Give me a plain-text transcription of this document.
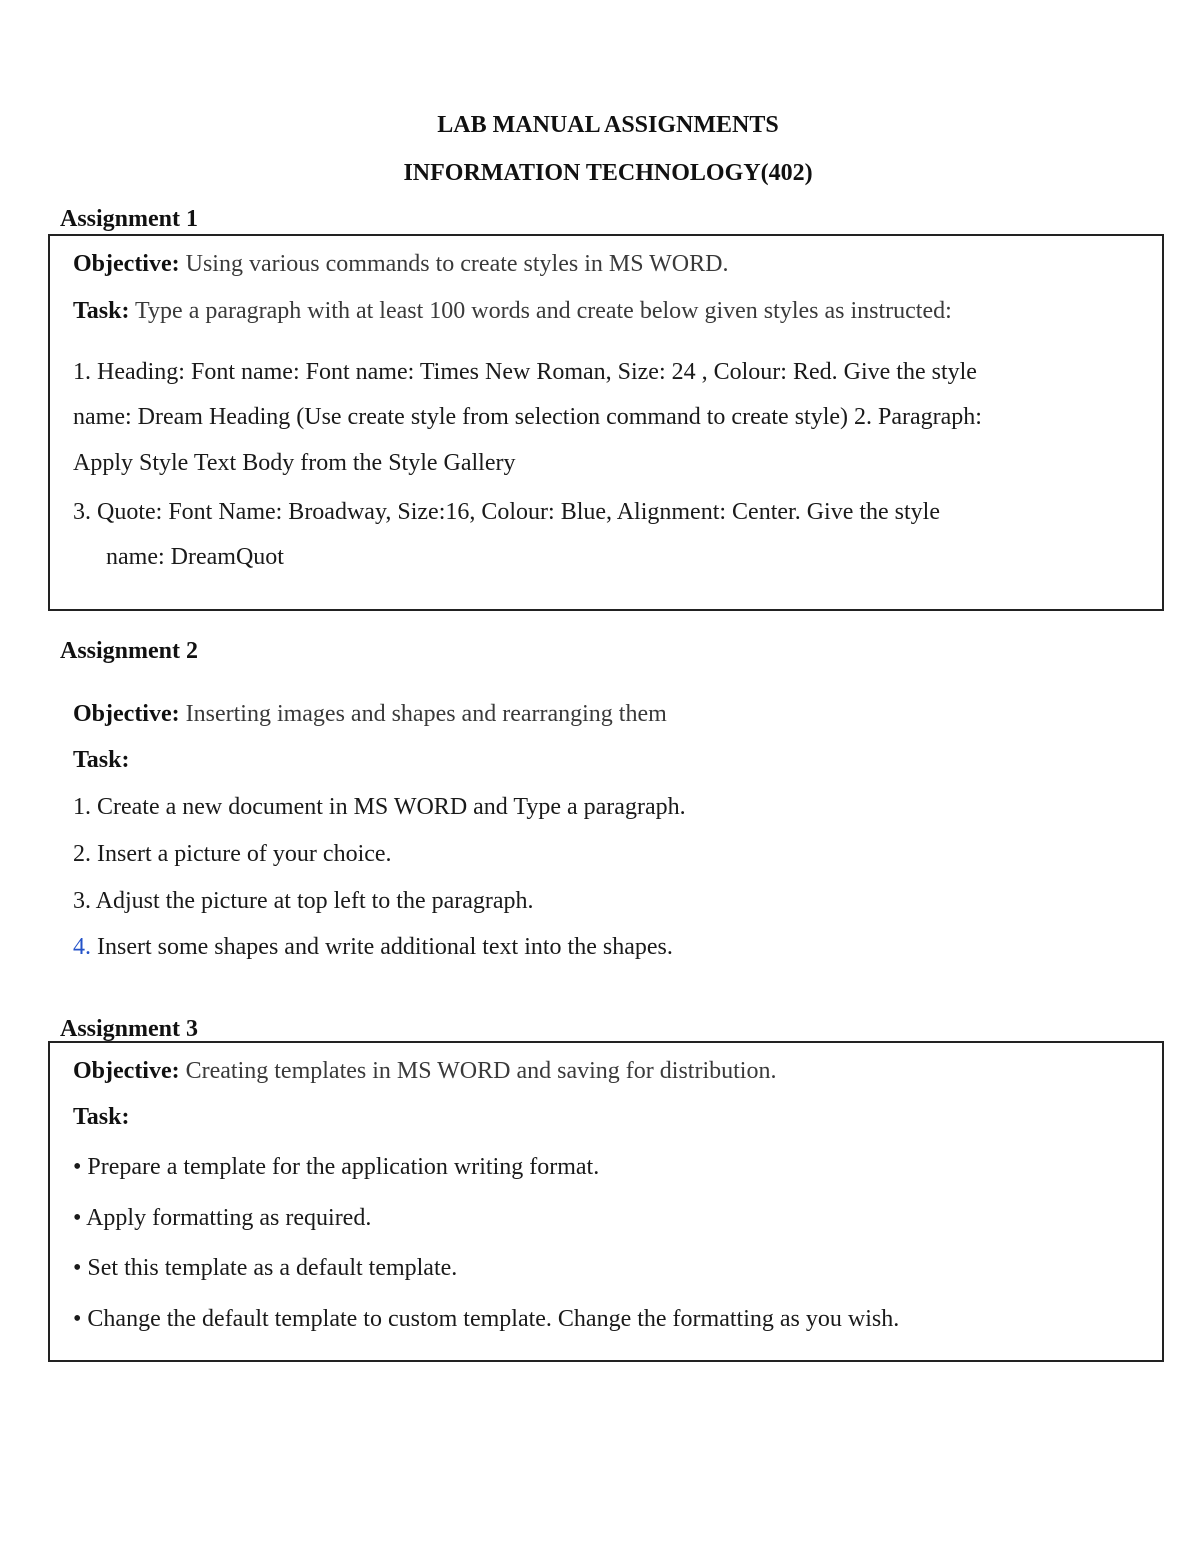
LAB MANUAL ASSIGNMENTS
INFORMATION TECHNOLOGY(402)
Assignment 1
Objective: Using various commands to create styles in MS WORD.
Task: Type a paragraph with at least 100 words and create below given styles as instructed:
1. Heading: Font name: Font name: Times New Roman, Size: 24 , Colour: Red. Give the style
name: Dream Heading (Use create style from selection command to create style) 2. Paragraph:
Apply Style Text Body from the Style Gallery
3. Quote: Font Name: Broadway, Size:16, Colour: Blue, Alignment: Center. Give the style
name: DreamQuot
Assignment 2
Objective: Inserting images and shapes and rearranging them
Task:
1. Create a new document in MS WORD and Type a paragraph.
2. Insert a picture of your choice.
3. Adjust the picture at top left to the paragraph.
4. Insert some shapes and write additional text into the shapes.
Assignment 3
Objective: Creating templates in MS WORD and saving for distribution.
Task:
• Prepare a template for the application writing format.
• Apply formatting as required.
• Set this template as a default template.
• Change the default template to custom template. Change the formatting as you wish.
